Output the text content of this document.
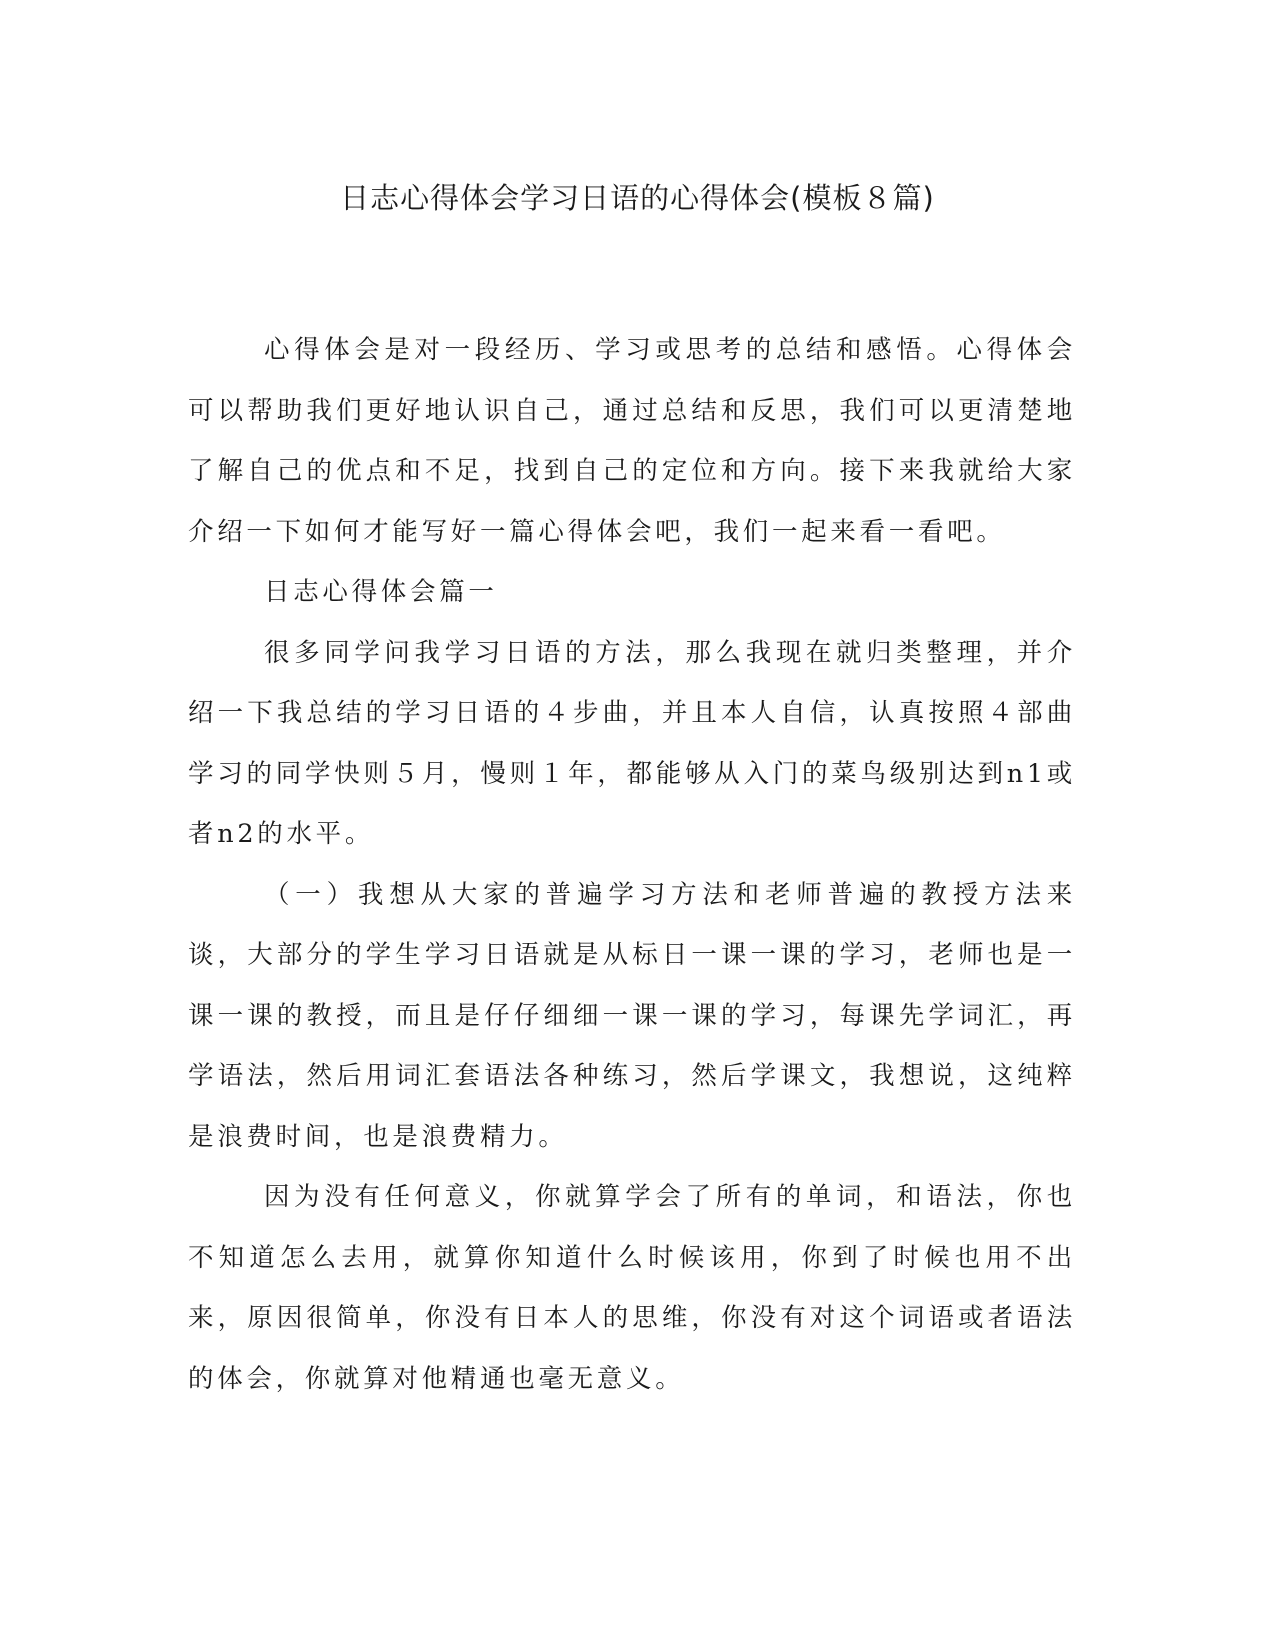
日志心得体会学习日语的心得体会(模板８篇)

心得体会是对一段经历、学习或思考的总结和感悟。心得体会可以帮助我们更好地认识自己，通过总结和反思，我们可以更清楚地了解自己的优点和不足，找到自己的定位和方向。接下来我就给大家介绍一下如何才能写好一篇心得体会吧，我们一起来看一看吧。

日志心得体会篇一

很多同学问我学习日语的方法，那么我现在就归类整理，并介绍一下我总结的学习日语的４步曲，并且本人自信，认真按照４部曲学习的同学快则５月，慢则１年，都能够从入门的菜鸟级别达到n1或者n2的水平。

（一）我想从大家的普遍学习方法和老师普遍的教授方法来谈，大部分的学生学习日语就是从标日一课一课的学习，老师也是一课一课的教授，而且是仔仔细细一课一课的学习，每课先学词汇，再学语法，然后用词汇套语法各种练习，然后学课文，我想说，这纯粹是浪费时间，也是浪费精力。

因为没有任何意义，你就算学会了所有的单词，和语法，你也不知道怎么去用，就算你知道什么时候该用，你到了时候也用不出来，原因很简单，你没有日本人的思维，你没有对这个词语或者语法的体会，你就算对他精通也毫无意义。
